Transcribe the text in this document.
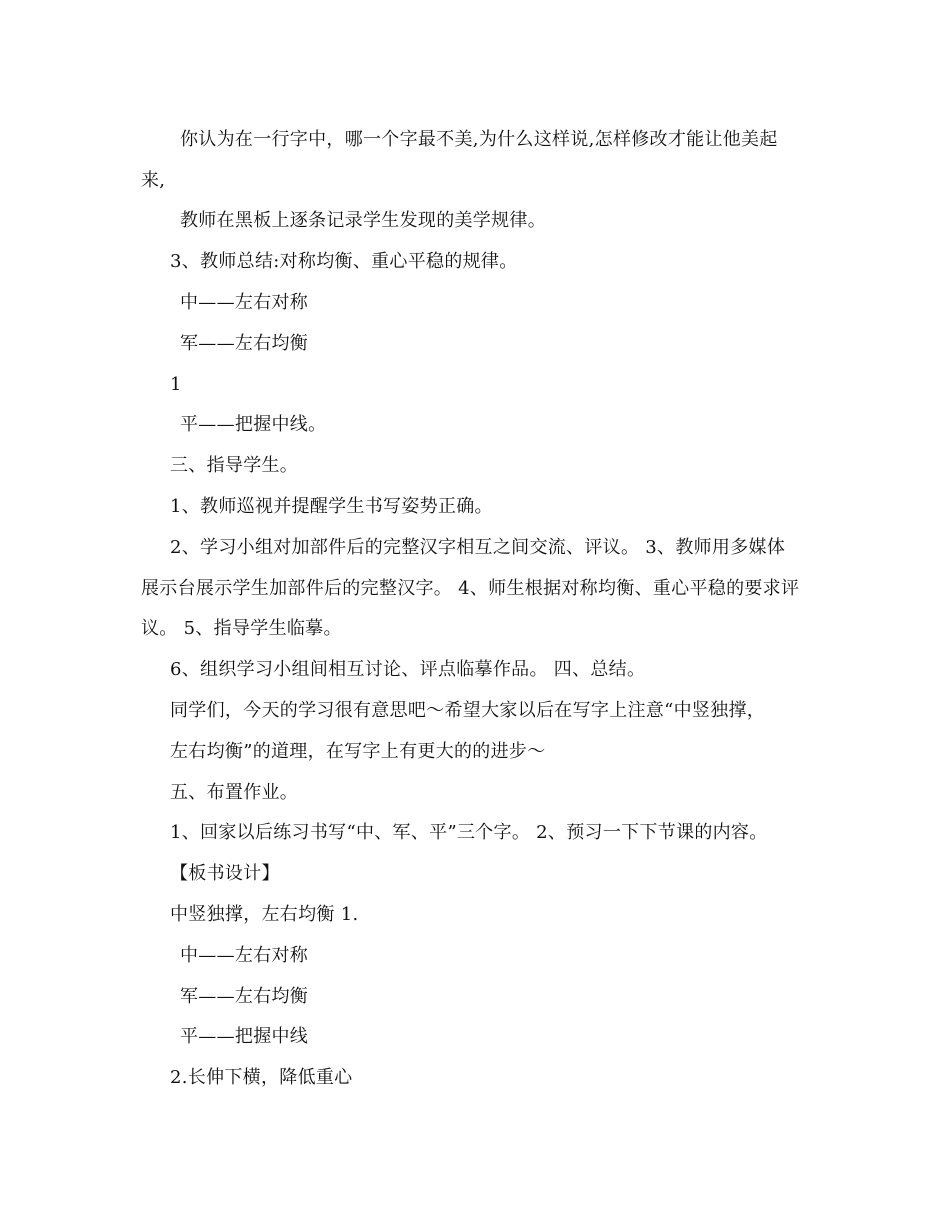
你认为在一行字中，哪一个字最不美,为什么这样说,怎样修改才能让他美起

来,

教师在黑板上逐条记录学生发现的美学规律。

3、教师总结:对称均衡、重心平稳的规律。

中——左右对称

军——左右均衡

1

平——把握中线。

三、指导学生。

1、教师巡视并提醒学生书写姿势正确。

2、学习小组对加部件后的完整汉字相互之间交流、评议。 3、教师用多媒体

展示台展示学生加部件后的完整汉字。 4、师生根据对称均衡、重心平稳的要求评

议。 5、指导学生临摹。

6、组织学习小组间相互讨论、评点临摹作品。 四、总结。

同学们，今天的学习很有意思吧～希望大家以后在写字上注意“中竖独撑，

左右均衡”的道理，在写字上有更大的的进步～

五、布置作业。

1、回家以后练习书写“中、军、平”三个字。 2、预习一下下节课的内容。

【板书设计】

中竖独撑，左右均衡 1.

中——左右对称

军——左右均衡

平——把握中线

2.长伸下横，降低重心
